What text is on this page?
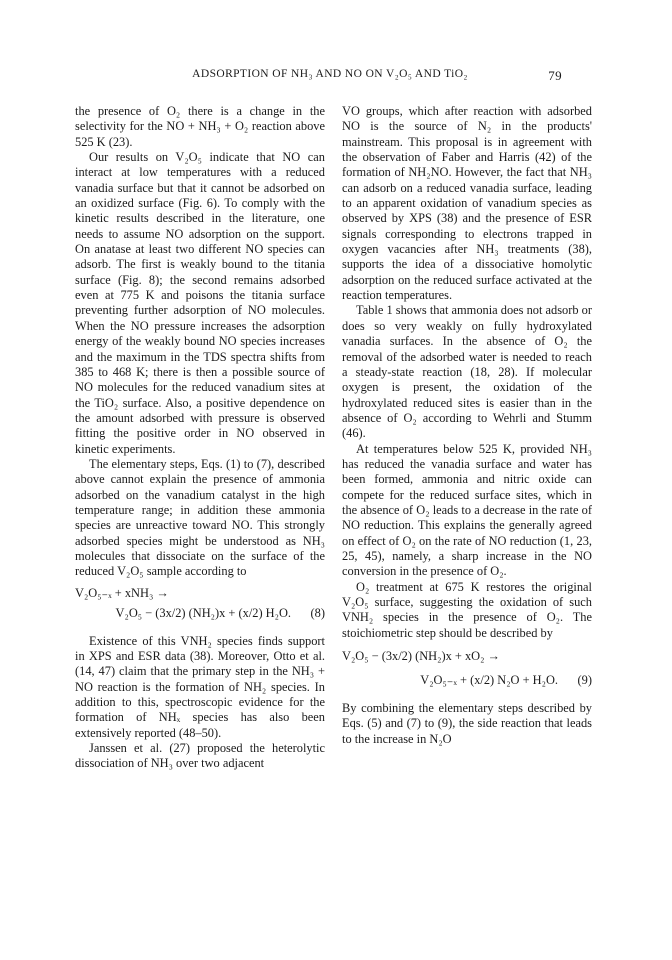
ADSORPTION OF NH₃ AND NO ON V₂O₅ AND TiO₂	79

the presence of O₂ there is a change in the selectivity for the NO + NH₃ + O₂ reaction above 525 K (23).

Our results on V₂O₅ indicate that NO can interact at low temperatures with a reduced vanadia surface but that it cannot be adsorbed on an oxidized surface (Fig. 6). To comply with the kinetic results described in the literature, one needs to assume NO adsorption on the support. On anatase at least two different NO species can adsorb. The first is weakly bound to the titania surface (Fig. 8); the second remains adsorbed even at 775 K and poisons the titania surface preventing further adsorption of NO molecules. When the NO pressure increases the adsorption energy of the weakly bound NO species increases and the maximum in the TDS spectra shifts from 385 to 468 K; there is then a possible source of NO molecules for the reduced vanadium sites at the TiO₂ surface. Also, a positive dependence on the amount adsorbed with pressure is observed fitting the positive order in NO observed in kinetic experiments.

The elementary steps, Eqs. (1) to (7), described above cannot explain the presence of ammonia adsorbed on the vanadium catalyst in the high temperature range; in addition these ammonia species are unreactive toward NO. This strongly adsorbed species might be understood as NH₃ molecules that dissociate on the surface of the reduced V₂O₅ sample according to

V₂O₅₋ₓ + xNH₃ →
V₂O₅ − (3x/2) (NH₂)x + (x/2) H₂O. (8)

Existence of this VNH₂ species finds support in XPS and ESR data (38). Moreover, Otto et al. (14, 47) claim that the primary step in the NH₃ + NO reaction is the formation of NH₂ species. In addition to this, spectroscopic evidence for the formation of NHₓ species has also been extensively reported (48–50).

Janssen et al. (27) proposed the heterolytic dissociation of NH₃ over two adjacent

VO groups, which after reaction with adsorbed NO is the source of N₂ in the products' mainstream. This proposal is in agreement with the observation of Faber and Harris (42) of the formation of NH₂NO. However, the fact that NH₃ can adsorb on a reduced vanadia surface, leading to an apparent oxidation of vanadium species as observed by XPS (38) and the presence of ESR signals corresponding to electrons trapped in oxygen vacancies after NH₃ treatments (38), supports the idea of a dissociative homolytic adsorption on the reduced surface activated at the reaction temperatures.

Table 1 shows that ammonia does not adsorb or does so very weakly on fully hydroxylated vanadia surfaces. In the absence of O₂ the removal of the adsorbed water is needed to reach a steady-state reaction (18, 28). If molecular oxygen is present, the oxidation of the hydroxylated reduced sites is easier than in the absence of O₂ according to Wehrli and Stumm (46).

At temperatures below 525 K, provided NH₃ has reduced the vanadia surface and water has been formed, ammonia and nitric oxide can compete for the reduced surface sites, which in the absence of O₂ leads to a decrease in the rate of NO reduction. This explains the generally agreed on effect of O₂ on the rate of NO reduction (1, 23, 25, 45), namely, a sharp increase in the NO conversion in the presence of O₂.

O₂ treatment at 675 K restores the original V₂O₅ surface, suggesting the oxidation of such VNH₂ species in the presence of O₂. The stoichiometric step should be described by

V₂O₅ − (3x/2) (NH₂)x + xO₂ →
V₂O₅₋ₓ + (x/2) N₂O + H₂O. (9)

By combining the elementary steps described by Eqs. (5) and (7) to (9), the side reaction that leads to the increase in N₂O
